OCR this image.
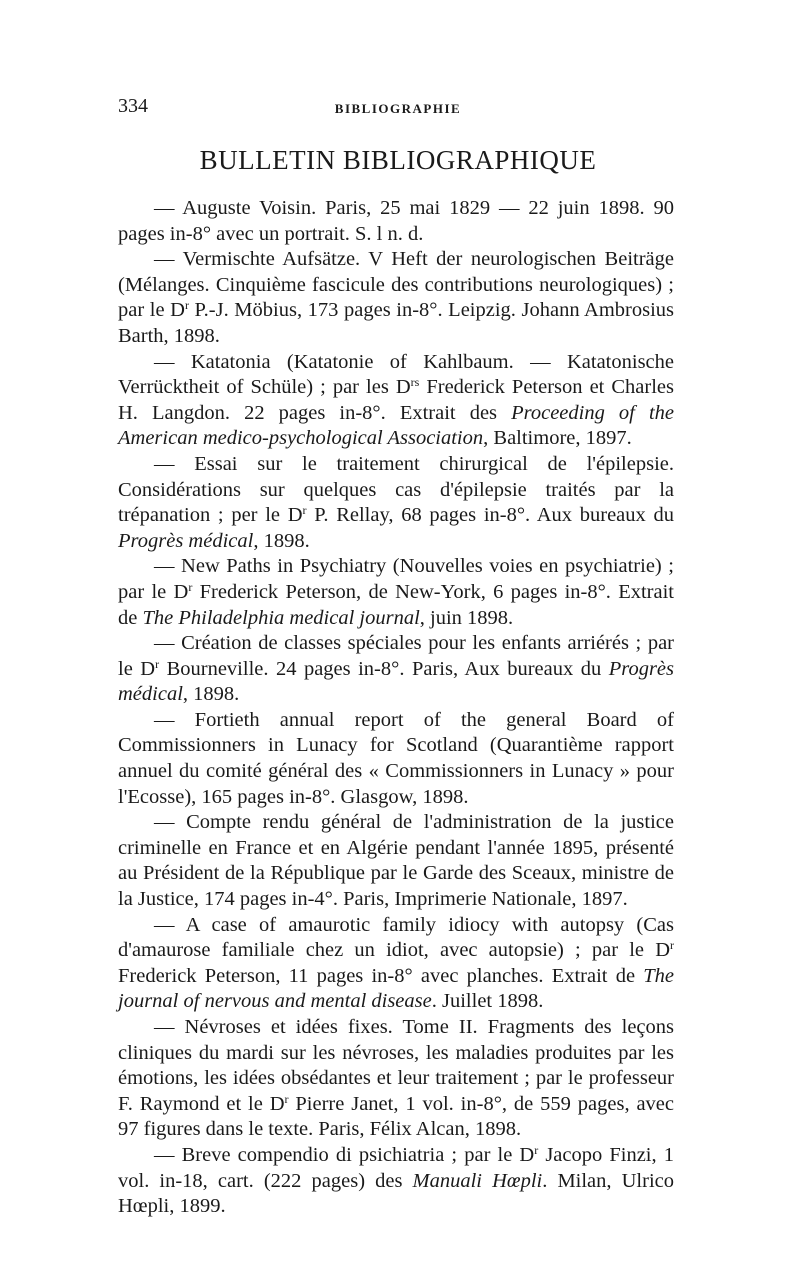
334	BIBLIOGRAPHIE
BULLETIN BIBLIOGRAPHIQUE

— Auguste Voisin. Paris, 25 mai 1829 — 22 juin 1898. 90 pages in-8° avec un portrait. S. l n. d.

— Vermischte Aufsätze. V Heft der neurologischen Beiträge (Mélanges. Cinquième fascicule des contributions neurologiques) ; par le $D^r$ P.-J. Möbius, 173 pages in-8°. Leipzig. Johann Ambrosius Barth, 1898.

— Katatonia (Katatonie of Kahlbaum. — Katatonische Verrücktheit of Schüle) ; par les $D^{rs}$ Frederick Peterson et Charles H. Langdon. 22 pages in-8°. Extrait des Proceeding of the American medico-psychological Association, Baltimore, 1897.

— Essai sur le traitement chirurgical de l'épilepsie. Considérations sur quelques cas d'épilepsie traités par la trépanation ; per le $D^r$ P. Rellay, 68 pages in-8°. Aux bureaux du Progrès médical, 1898.

— New Paths in Psychiatry (Nouvelles voies en psychiatrie) ; par le $D^r$ Frederick Peterson, de New-York, 6 pages in-8°. Extrait de The Philadelphia medical journal, juin 1898.

— Création de classes spéciales pour les enfants arriérés ; par le $D^r$ Bourneville. 24 pages in-8°. Paris, Aux bureaux du Progrès médical, 1898.

— Fortieth annual report of the general Board of Commissionners in Lunacy for Scotland (Quarantième rapport annuel du comité général des « Commissionners in Lunacy » pour l'Ecosse), 165 pages in-8°. Glasgow, 1898.

— Compte rendu général de l'administration de la justice criminelle en France et en Algérie pendant l'année 1895, présenté au Président de la République par le Garde des Sceaux, ministre de la Justice, 174 pages in-4°. Paris, Imprimerie Nationale, 1897.

— A case of amaurotic family idiocy with autopsy (Cas d'amaurose familiale chez un idiot, avec autopsie) ; par le $D^r$ Frederick Peterson, 11 pages in-8° avec planches. Extrait de The journal of nervous and mental disease. Juillet 1898.

— Névroses et idées fixes. Tome II. Fragments des leçons cliniques du mardi sur les névroses, les maladies produites par les émotions, les idées obsédantes et leur traitement ; par le professeur F. Raymond et le $D^r$ Pierre Janet, 1 vol. in-8°, de 559 pages, avec 97 figures dans le texte. Paris, Félix Alcan, 1898.

— Breve compendio di psichiatria ; par le $D^r$ Jacopo Finzi, 1 vol. in-18, cart. (222 pages) des Manuali Hœpli. Milan, Ulrico Hœpli, 1899.
